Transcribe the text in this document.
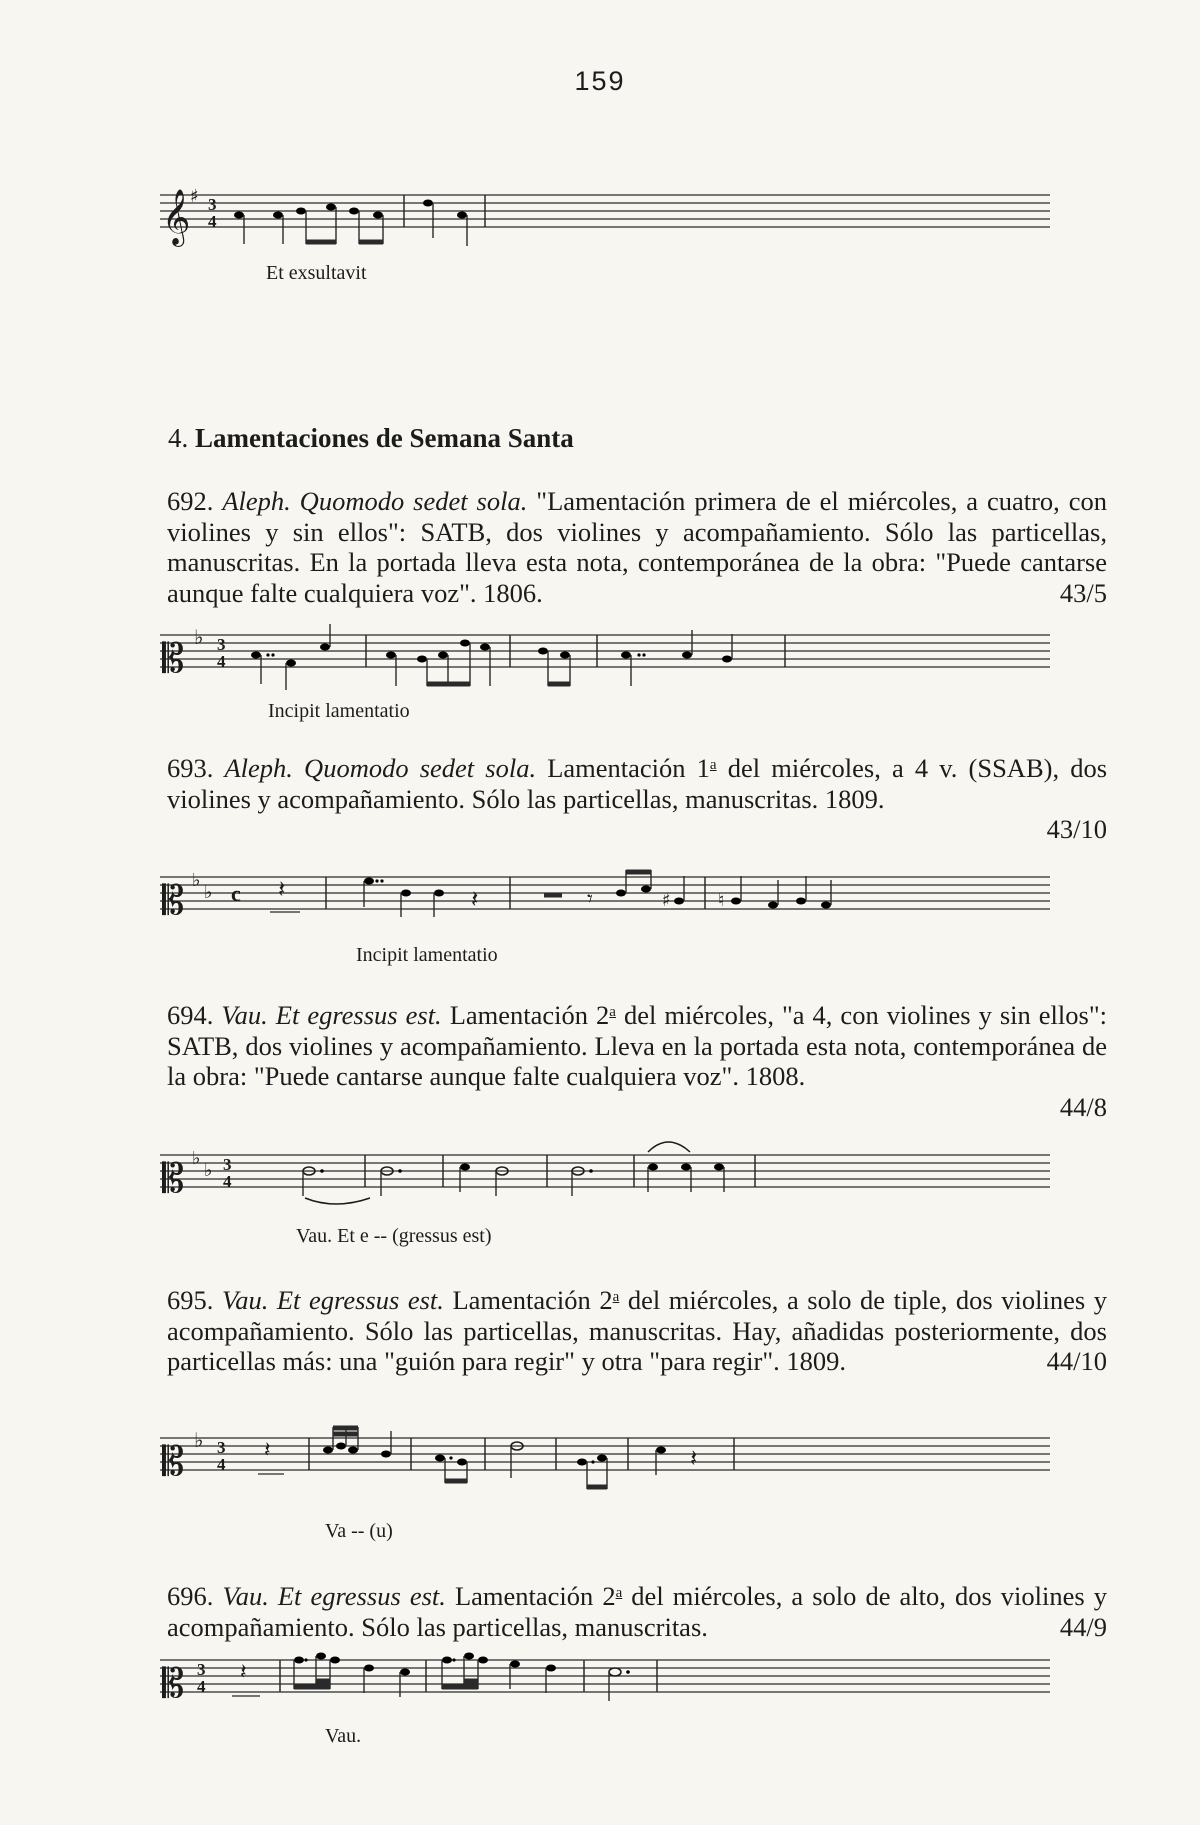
159
𝄞 ♯ 3
4
Et exsultavit
4. Lamentaciones de Semana Santa

692. Aleph. Quomodo sedet sola. "Lamentación primera de el miércoles, a cuatro, con violines y sin ellos": SATB, dos violines y acompañamiento. Sólo las particellas, manuscritas. En la portada lleva esta nota, contemporánea de la obra: "Puede cantarse aunque falte cualquiera voz". 1806.	43/5

𝄡 ♭ 3
4
Incipit lamentatio

693. Aleph. Quomodo sedet sola. Lamentación 1$^a$ del miércoles, a 4 v. (SSAB), dos violines y acompañamiento. Sólo las particellas, manuscritas. 1809.

43/10
𝄡 ♭
♭ c 𝄽	𝄽	𝄾	♯	♮
Incipit lamentatio

694. Vau. Et egressus est. Lamentación 2$^a$ del miércoles, "a 4, con violines y sin ellos": SATB, dos violines y acompañamiento. Lleva en la portada esta nota, contemporánea de la obra: "Puede cantarse aunque falte cualquiera voz". 1808.

44/8
𝄡 ♭
♭ 3
4
Vau. Et e -- (gressus est)

695. Vau. Et egressus est. Lamentación 2$^a$ del miércoles, a solo de tiple, dos violines y acompañamiento. Sólo las particellas, manuscritas. Hay, añadidas posteriormente, dos particellas más: una "guión para regir" y otra "para regir". 1809.	44/10

𝄡 ♭ 3
4
𝄽	𝄽
Va -- (u)

696. Vau. Et egressus est. Lamentación 2$^a$ del miércoles, a solo de alto, dos violines y acompañamiento. Sólo las particellas, manuscritas.	44/9

𝄡 3
4
𝄽
Vau.
